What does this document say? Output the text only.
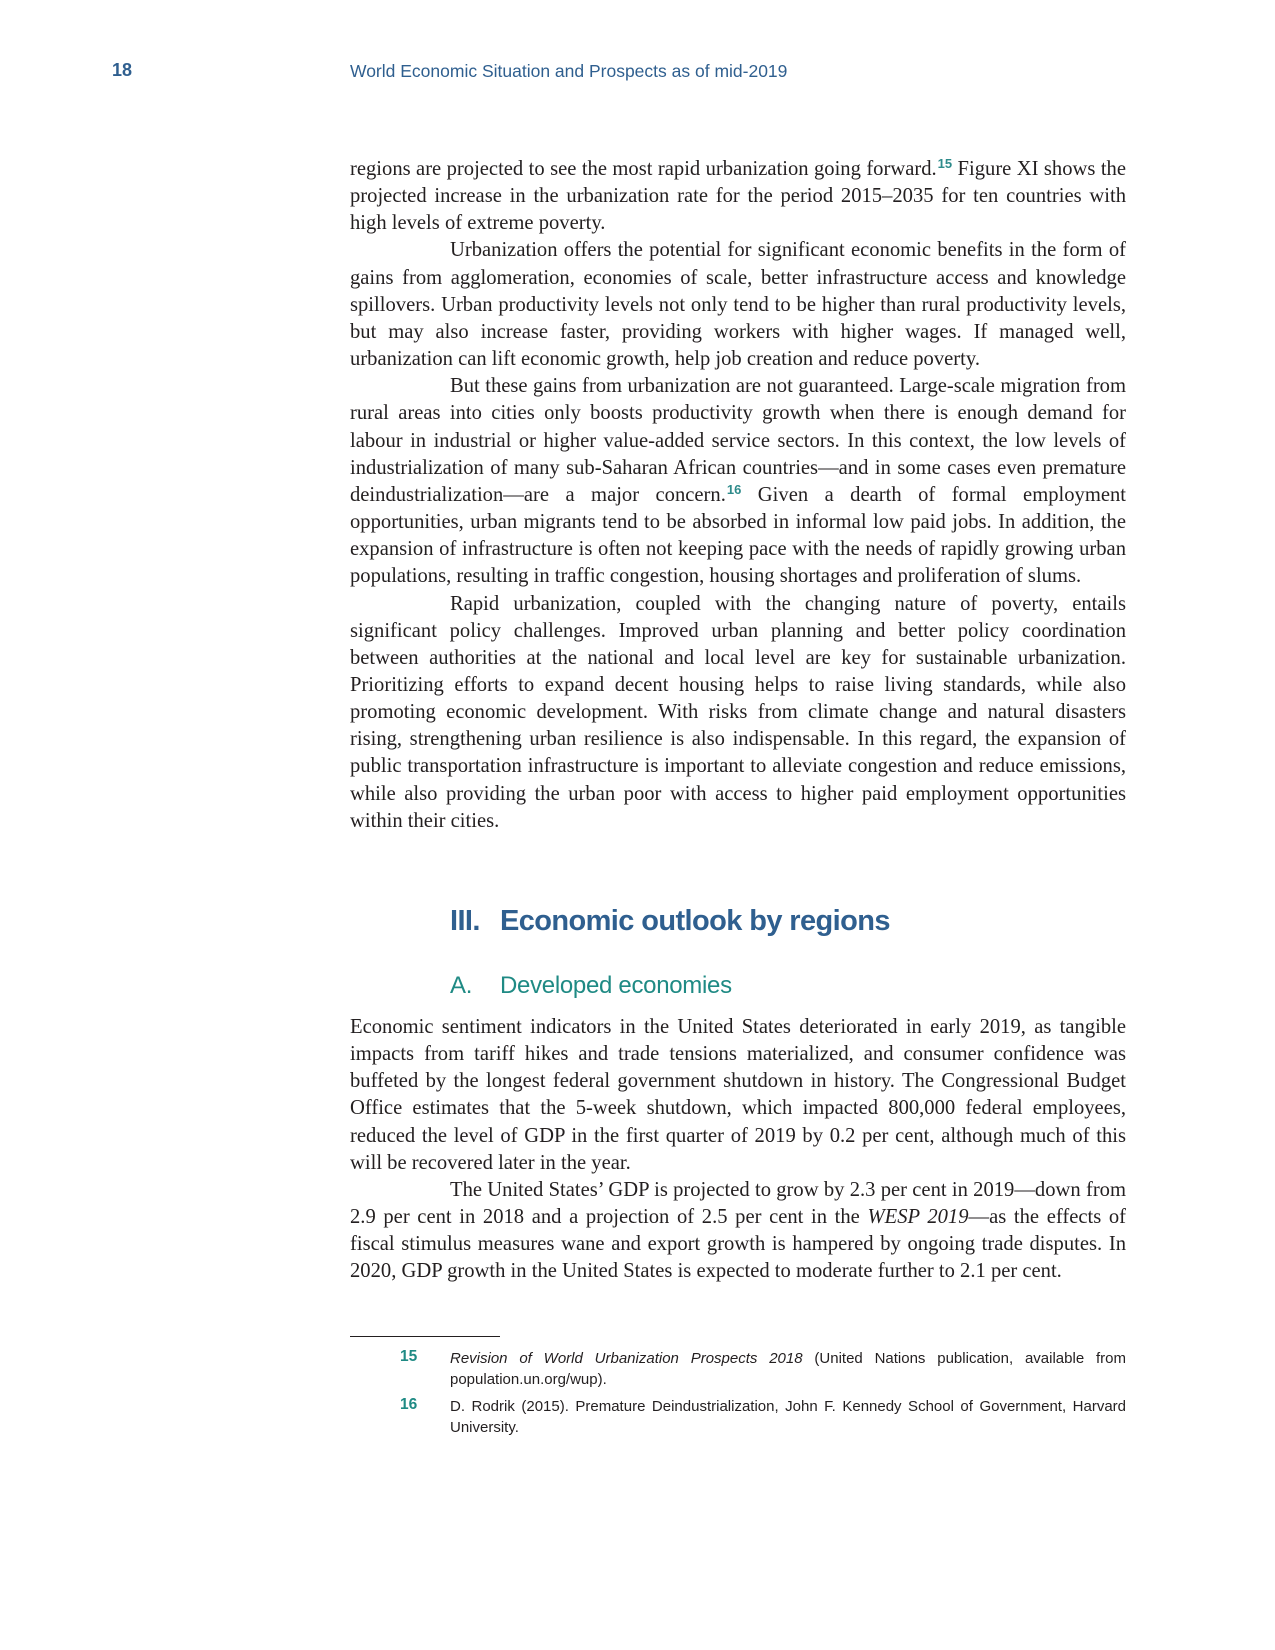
18	World Economic Situation and Prospects as of mid-2019

regions are projected to see the most rapid urbanization going forward.$^{15}$ Figure XI shows the projected increase in the urbanization rate for the period 2015–2035 for ten countries with high levels of extreme poverty.

Urbanization offers the potential for significant economic benefits in the form of gains from agglomeration, economies of scale, better infrastructure access and knowledge spillovers. Urban productivity levels not only tend to be higher than rural productivity levels, but may also increase faster, providing workers with higher wages. If managed well, urbanization can lift economic growth, help job creation and reduce poverty.

But these gains from urbanization are not guaranteed. Large-scale migration from rural areas into cities only boosts productivity growth when there is enough demand for labour in industrial or higher value-added service sectors. In this context, the low levels of industrialization of many sub-Saharan African countries—and in some cases even premature deindustrialization—are a major concern.$^{16}$ Given a dearth of formal employment opportunities, urban migrants tend to be absorbed in informal low paid jobs. In addition, the expansion of infrastructure is often not keeping pace with the needs of rapidly growing urban populations, resulting in traffic congestion, housing shortages and proliferation of slums.

Rapid urbanization, coupled with the changing nature of poverty, entails significant policy challenges. Improved urban planning and better policy coordination between authorities at the national and local level are key for sustainable urbanization. Prioritizing efforts to expand decent housing helps to raise living standards, while also promoting economic development. With risks from climate change and natural disasters rising, strengthening urban resilience is also indispensable. In this regard, the expansion of public transportation infrastructure is important to alleviate congestion and reduce emissions, while also providing the urban poor with access to higher paid employment opportunities within their cities.

III. Economic outlook by regions
A. Developed economies

Economic sentiment indicators in the United States deteriorated in early 2019, as tangible impacts from tariff hikes and trade tensions materialized, and consumer confidence was buffeted by the longest federal government shutdown in history. The Congressional Budget Office estimates that the 5-week shutdown, which impacted 800,000 federal employees, reduced the level of GDP in the first quarter of 2019 by 0.2 per cent, although much of this will be recovered later in the year.

The United States’ GDP is projected to grow by 2.3 per cent in 2019—down from 2.9 per cent in 2018 and a projection of 2.5 per cent in the WESP 2019—as the effects of fiscal stimulus measures wane and export growth is hampered by ongoing trade disputes. In 2020, GDP growth in the United States is expected to moderate further to 2.1 per cent.

15 Revision of World Urbanization Prospects 2018 (United Nations publication, available from population.un.org/wup).
16 D. Rodrik (2015). Premature Deindustrialization, John F. Kennedy School of Government, Harvard University.
